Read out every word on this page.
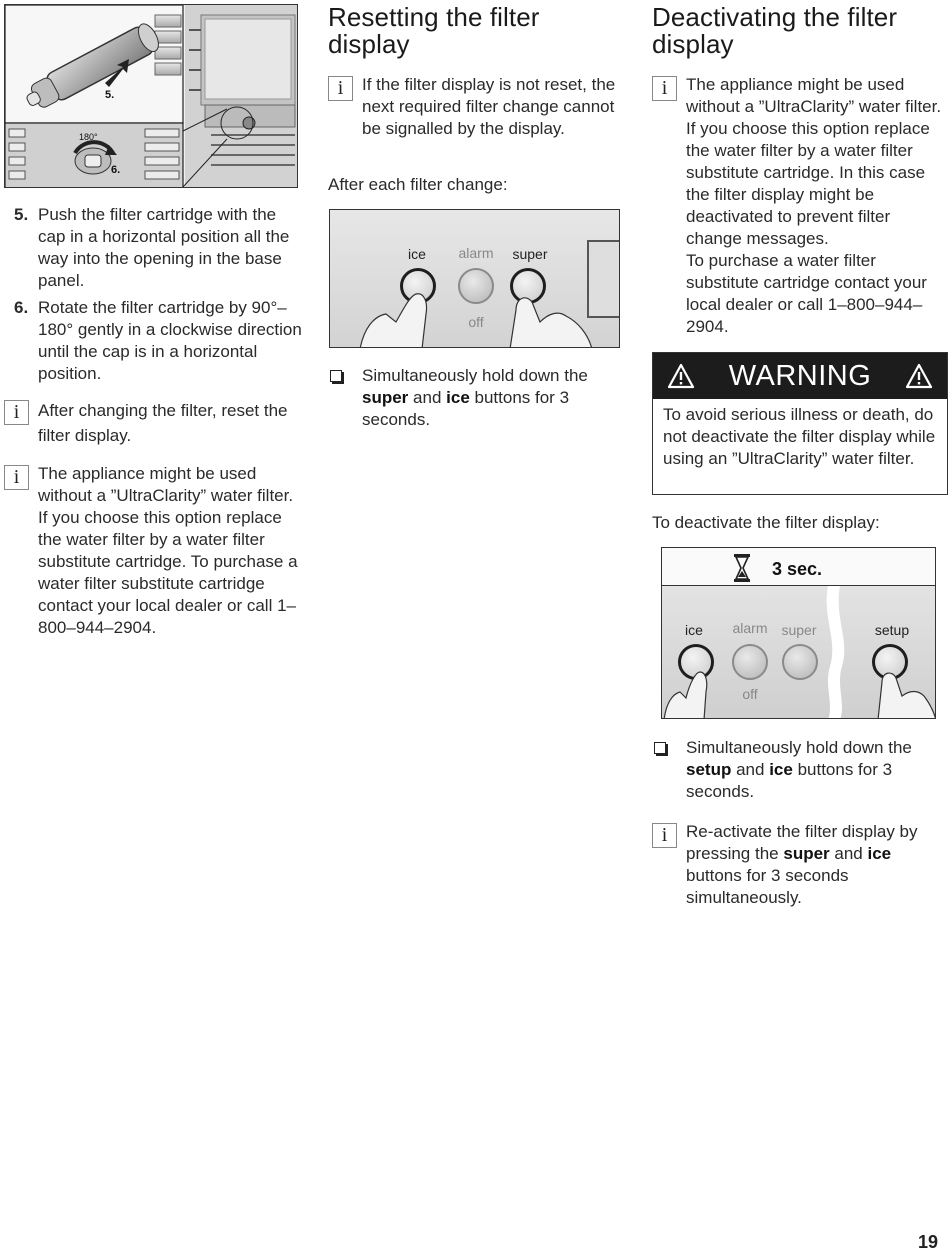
5.
180°
6.
5. Push the filter cartridge with the cap in a horizontal position all the way into the opening in the base panel.
6. Rotate the filter cartridge by 90°–180° gently in a clockwise direction until the cap is in a horizontal position.
i	After changing the filter, reset the filter display.
i	The appliance might be used without a ”UltraClarity” water filter. If you choose this option replace the water filter by a water filter substitute cartridge. To purchase a water filter substitute cartridge contact your local dealer or call 1–800–944–2904.
Resetting the filter display
i	If the filter display is not reset, the next required filter change cannot be signalled by the display.
After each filter change:
ice	alarm	super
off
Simultaneously hold down the super and ice buttons for 3 seconds.
Deactivating the filter display
i	The appliance might be used without a ”UltraClarity” water filter. If you choose this option replace the water filter by a water filter substitute cartridge. In this case the filter display might be deactivated to prevent filter change messages.
To purchase a water filter substitute cartridge contact your local dealer or call 1–800–944–2904.
WARNING
To avoid serious illness or death, do not deactivate the filter display while using an ”UltraClarity” water filter.
To deactivate the filter display:
3 sec.
ice	alarm super	setup
off
Simultaneously hold down the setup and ice buttons for 3 seconds.
i	Re-activate the filter display by pressing the super and ice buttons for 3 seconds simultaneously.
19
